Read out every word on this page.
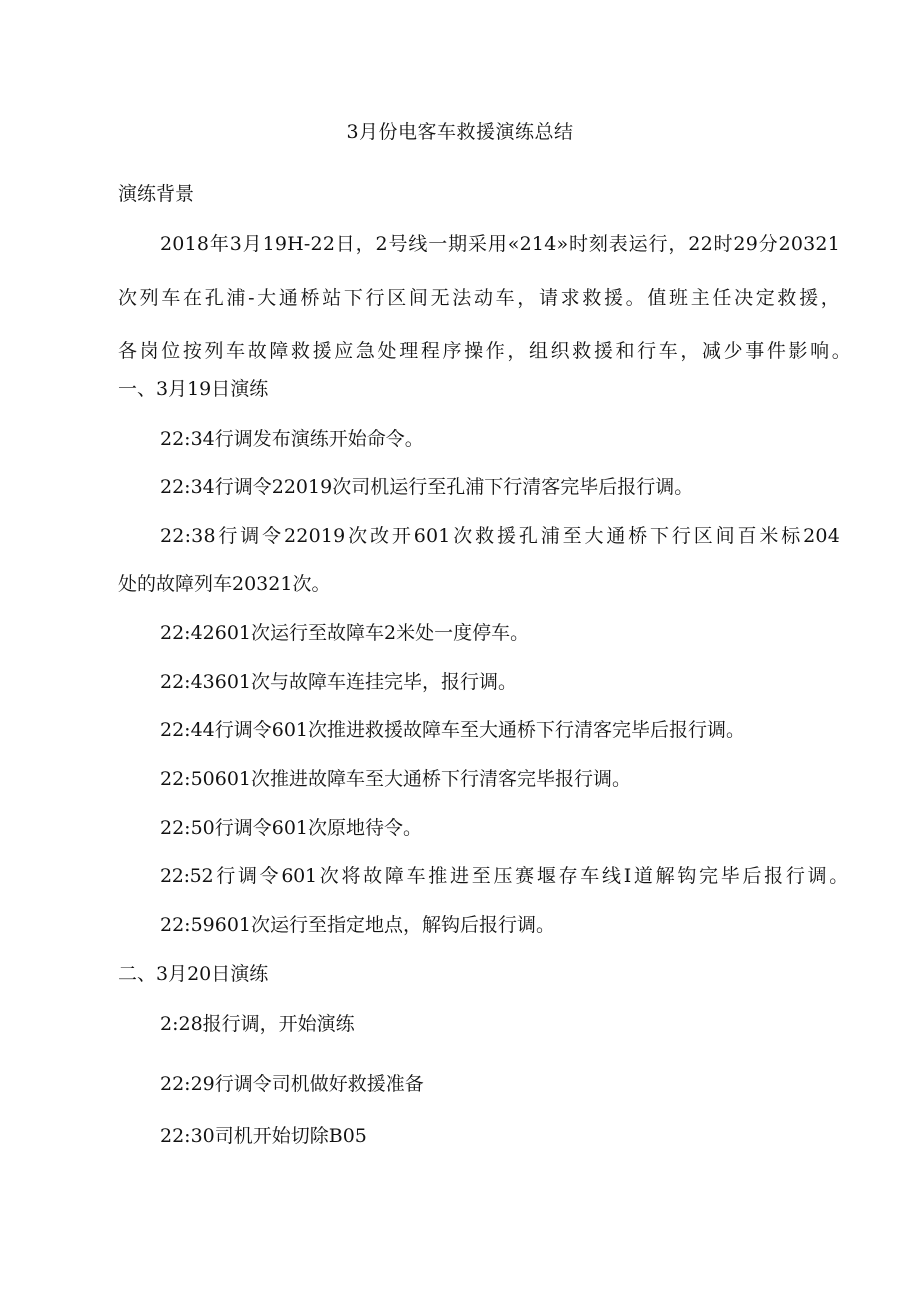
3月份电客车救援演练总结
演练背景
2018年3月19H-22日，2号线一期采用«214»时刻表运行，22时29分20321
次列车在孔浦-大通桥站下行区间无法动车，请求救援。值班主任决定救援，
各岗位按列车故障救援应急处理程序操作，组织救援和行车，减少事件影响。
一、3月19日演练
22:34行调发布演练开始命令。
22:34行调令22019次司机运行至孔浦下行清客完毕后报行调。
22:38行调令22019次改开601次救援孔浦至大通桥下行区间百米标204
处的故障列车20321次。
22:42601次运行至故障车2米处一度停车。
22:43601次与故障车连挂完毕，报行调。
22:44行调令601次推进救援故障车至大通桥下行清客完毕后报行调。
22:50601次推进故障车至大通桥下行清客完毕报行调。
22:50行调令601次原地待令。
22:52行调令601次将故障车推进至压赛堰存车线I道解钩完毕后报行调。
22:59601次运行至指定地点，解钩后报行调。
二、3月20日演练
2:28报行调，开始演练
22:29行调令司机做好救援准备
22:30司机开始切除B05
